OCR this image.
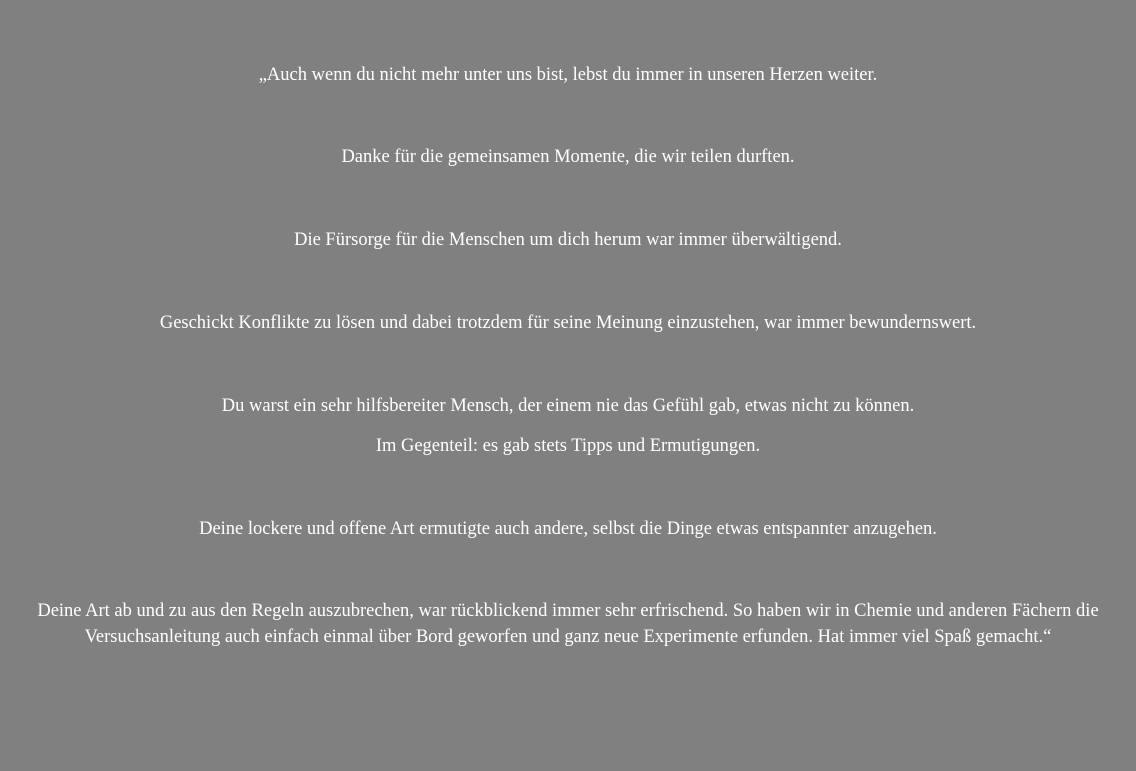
„Auch wenn du nicht mehr unter uns bist, lebst du immer in unseren Herzen weiter.

Danke für die gemeinsamen Momente, die wir teilen durften.

Die Fürsorge für die Menschen um dich herum war immer überwältigend.

Geschickt Konflikte zu lösen und dabei trotzdem für seine Meinung einzustehen, war immer bewundernswert.

Du warst ein sehr hilfsbereiter Mensch, der einem nie das Gefühl gab, etwas nicht zu können.

Im Gegenteil: es gab stets Tipps und Ermutigungen.

Deine lockere und offene Art ermutigte auch andere, selbst die Dinge etwas entspannter anzugehen.

Deine Art ab und zu aus den Regeln auszubrechen, war rückblickend immer sehr erfrischend. So haben wir in Chemie und anderen Fächern die Versuchsanleitung auch einfach einmal über Bord geworfen und ganz neue Experimente erfunden. Hat immer viel Spaß gemacht.“
